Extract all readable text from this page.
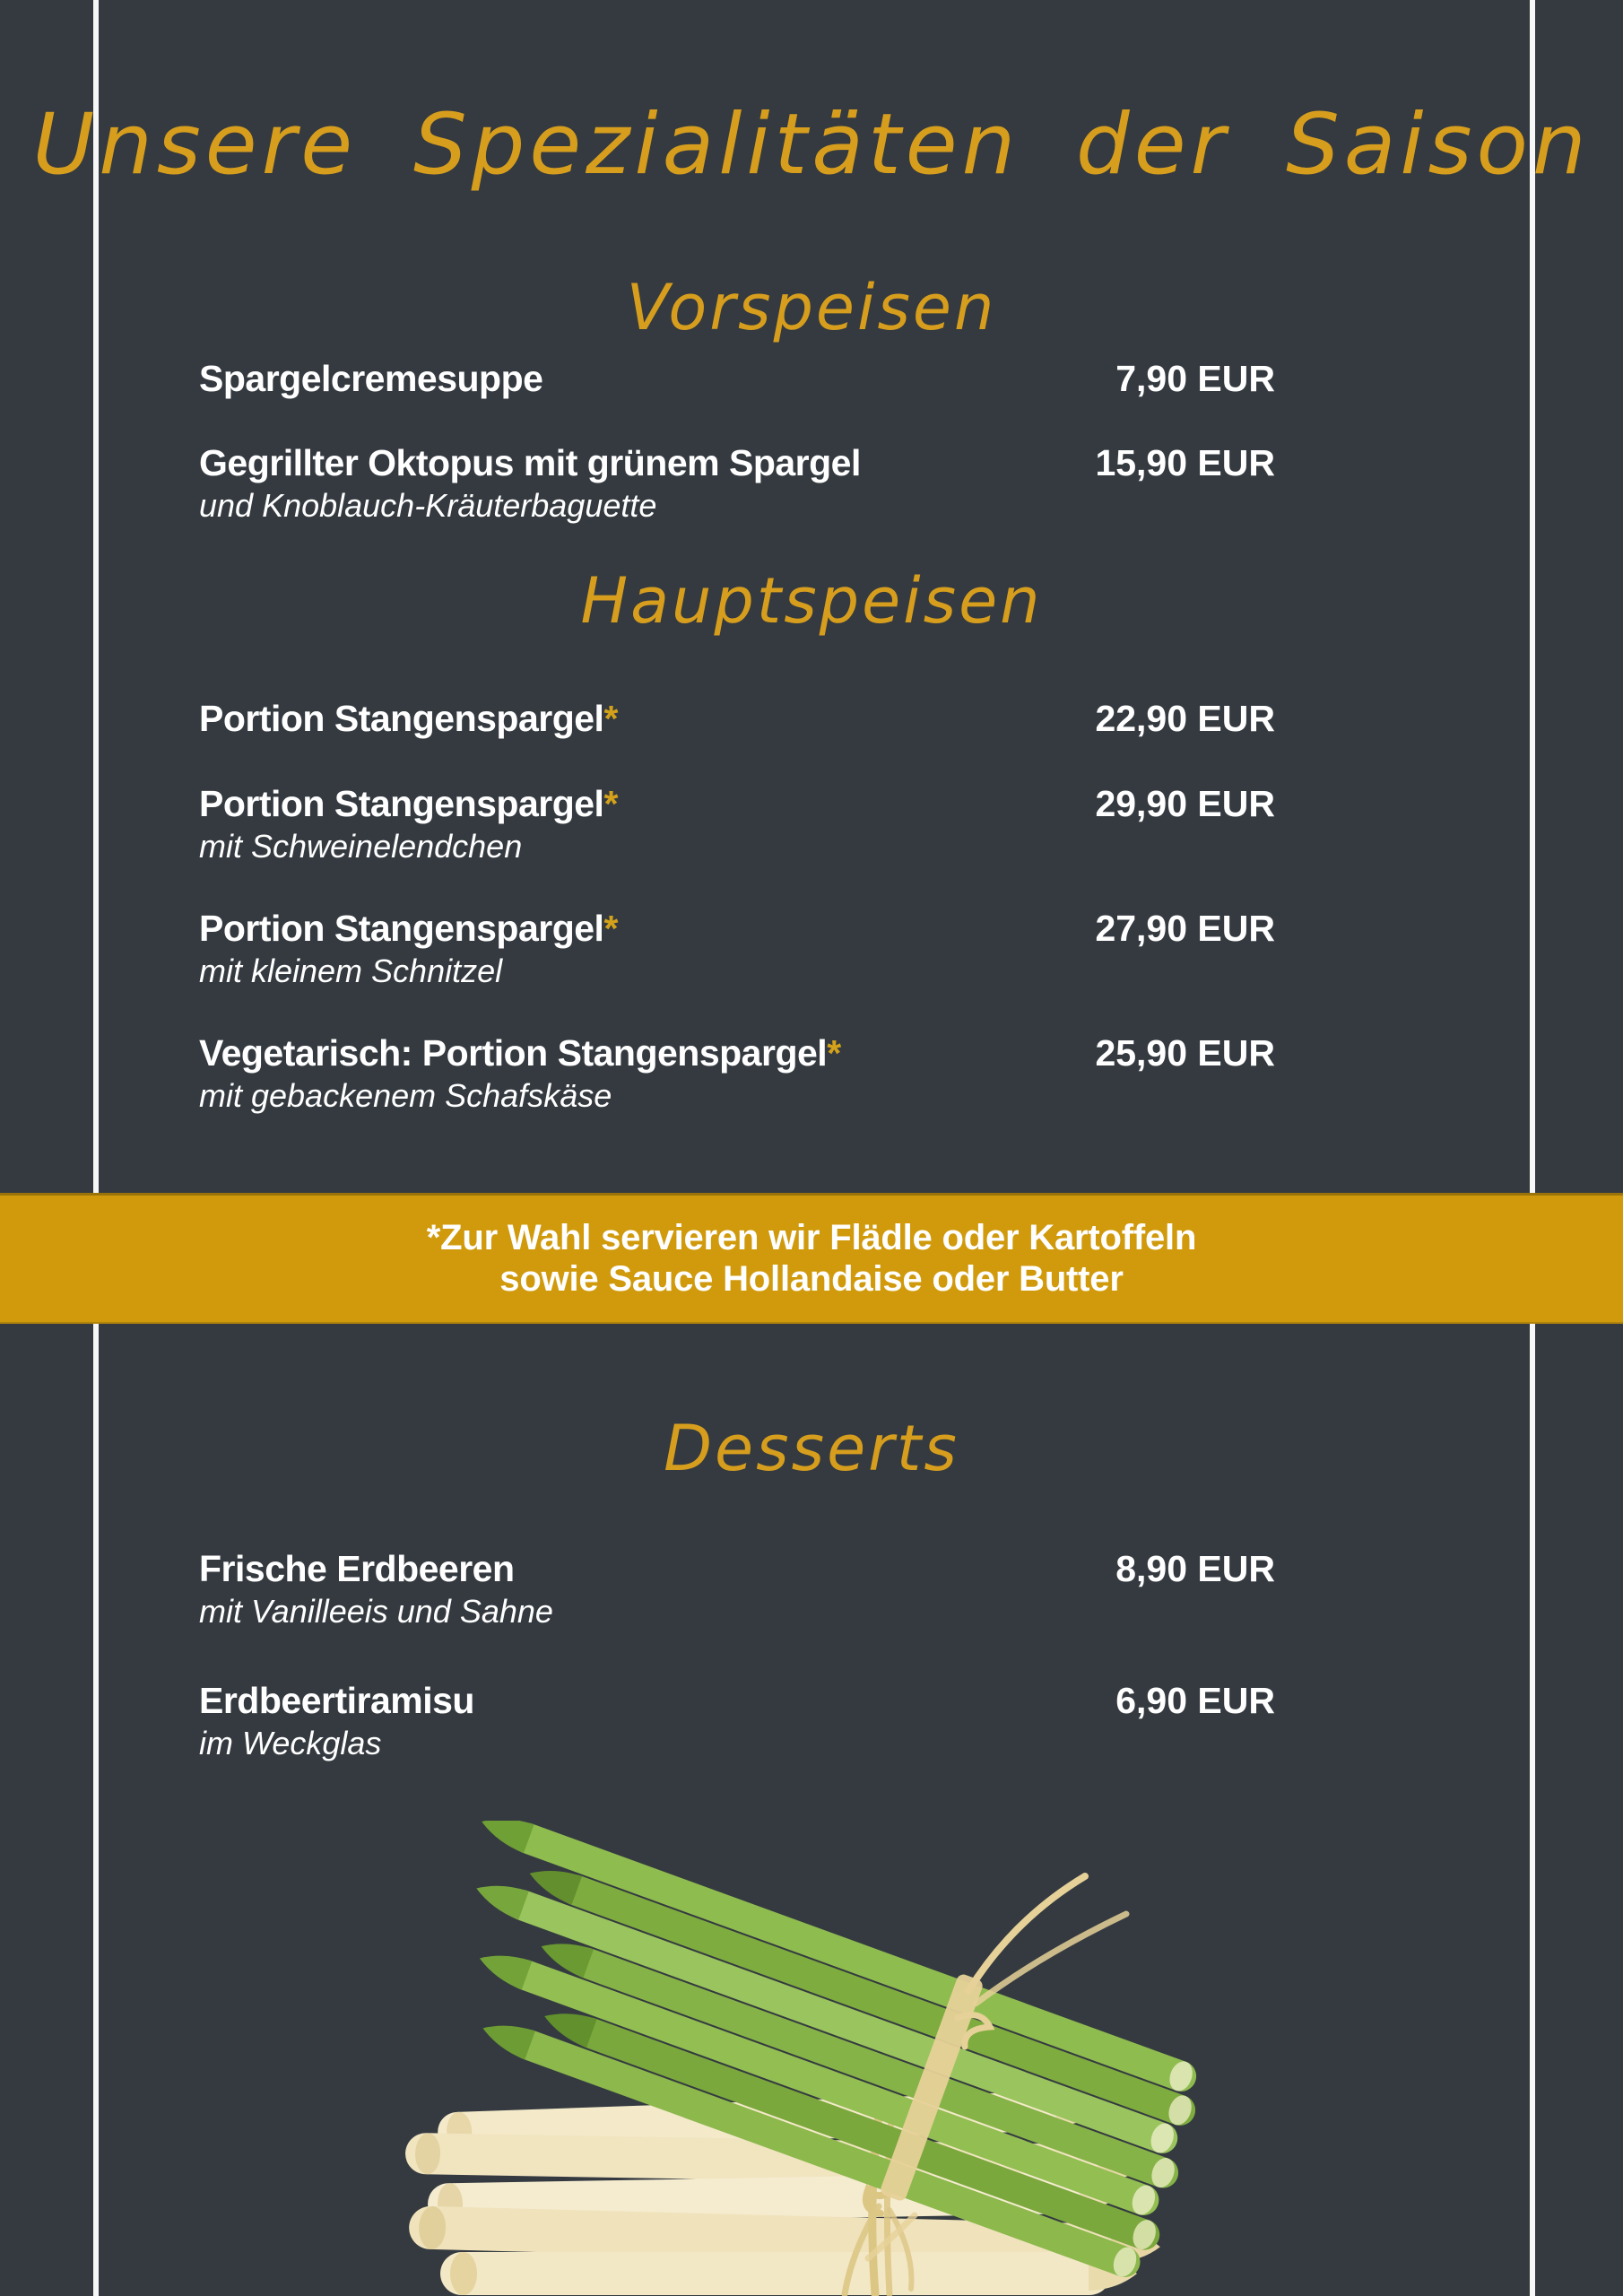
Unsere Spezialitäten der Saison
Vorspeisen
Spargelcremesuppe	7,90 EUR
Gegrillter Oktopus mit grünem Spargel
und Knoblauch-Kräuterbaguette
15,90 EUR
Hauptspeisen
Portion Stangenspargel*	22,90 EUR
Portion Stangenspargel*
mit Schweinelendchen
29,90 EUR
Portion Stangenspargel*
mit kleinem Schnitzel
27,90 EUR
Vegetarisch: Portion Stangenspargel*
mit gebackenem Schafskäse
25,90 EUR
*Zur Wahl servieren wir Flädle oder Kartoffeln
sowie Sauce Hollandaise oder Butter
Desserts
Frische Erdbeeren
mit Vanilleeis und Sahne
8,90 EUR
Erdbeertiramisu
im Weckglas
6,90 EUR
